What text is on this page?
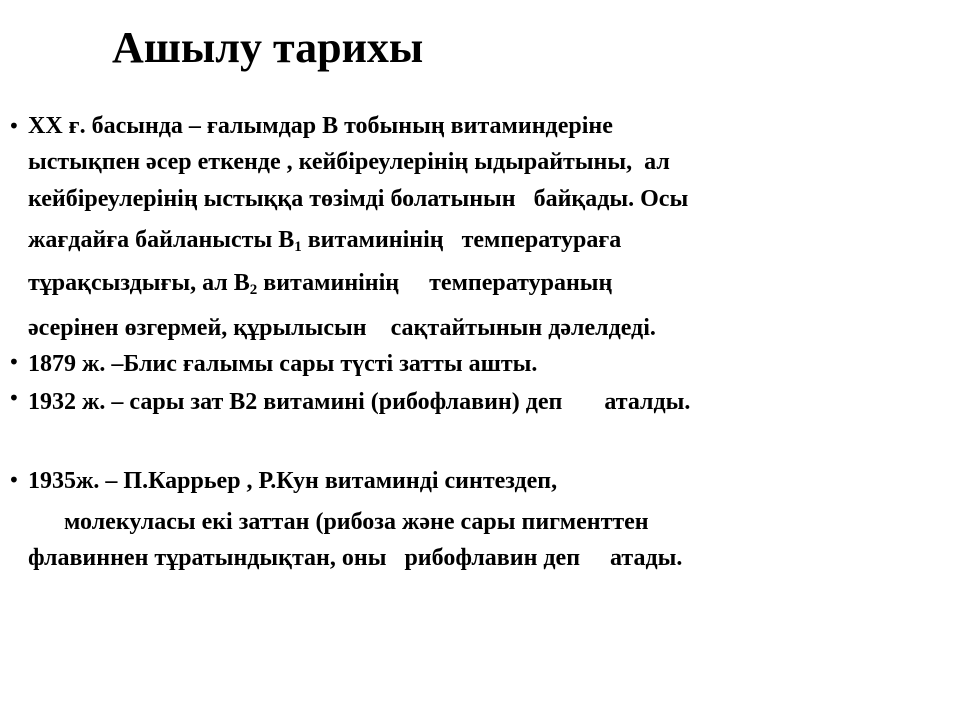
Ашылу тарихы
•
ХХ ғ. басында – ғалымдар В тобының витаминдеріне
ыстықпен әсер еткенде , кейбіреулерінің ыдырайтыны,  ал
кейбіреулерінің ыстыққа төзімді болатынын   байқады. Осы
жағдайға байланысты $В_1$ витаминінің   температураға
тұрақсыздығы, ал $В_2$ витаминінің     температураның
әсерінен өзгермей, құрылысын    сақтайтынын дәлелдеді.
•
1879 ж. –Блис ғалымы сары түсті затты ашты.
•
1932 ж. – сары зат В2 витамині (рибофлавин) деп       аталды.
•
1935ж. – П.Каррьер , Р.Кун витаминді синтездеп,
молекуласы екі заттан (рибоза және сары пигменттен
флавиннен тұратындықтан, оны   рибофлавин деп     атады.
